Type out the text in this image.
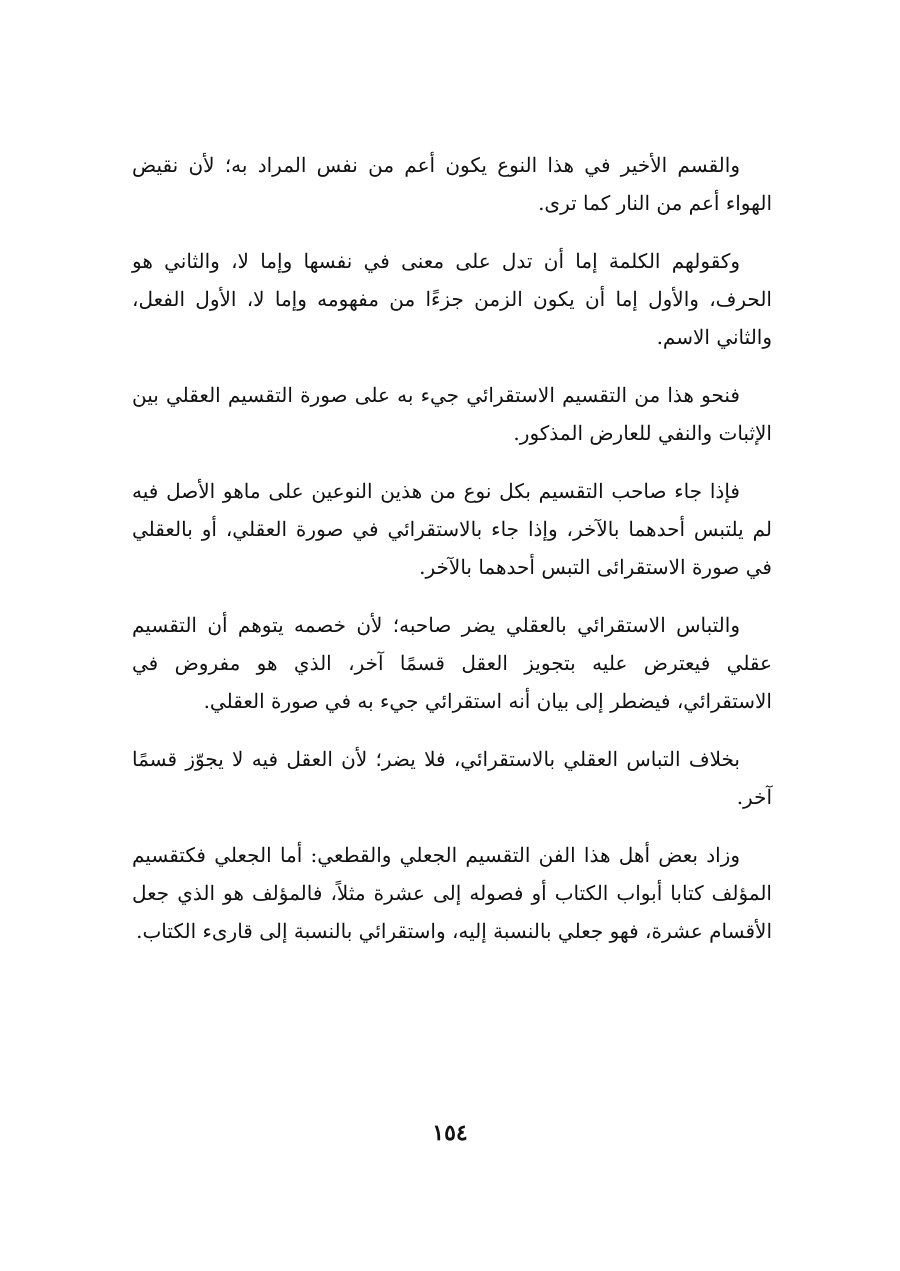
والقسم الأخير في هذا النوع يكون أعم من نفس المراد به؛ لأن نقيض الهواء أعم من النار كما ترى.

وكقولهم الكلمة إما أن تدل على معنى في نفسها وإما لا، والثاني هو الحرف، والأول إما أن يكون الزمن جزءًا من مفهومه وإما لا، الأول الفعل، والثاني الاسم.

فنحو هذا من التقسيم الاستقرائي جيء به على صورة التقسيم العقلي بين الإثبات والنفي للعارض المذكور.

فإذا جاء صاحب التقسيم بكل نوع من هذين النوعين على ماهو الأصل فيه لم يلتبس أحدهما بالآخر، وإذا جاء بالاستقرائي في صورة العقلي، أو بالعقلي في صورة الاستقرائى التبس أحدهما بالآخر.

والتباس الاستقرائي بالعقلي يضر صاحبه؛ لأن خصمه يتوهم أن التقسيم عقلي فيعترض عليه بتجويز العقل قسمًا آخر، الذي هو مفروض في الاستقرائي، فيضطر إلى بيان أنه استقرائي جيء به في صورة العقلي.

بخلاف التباس العقلي بالاستقرائي، فلا يضر؛ لأن العقل فيه لا يجوّز قسمًا آخر.

وزاد بعض أهل هذا الفن التقسيم الجعلي والقطعي: أما الجعلي فكتقسيم المؤلف كتابا أبواب الكتاب أو فصوله إلى عشرة مثلاً، فالمؤلف هو الذي جعل الأقسام عشرة، فهو جعلي بالنسبة إليه، واستقرائي بالنسبة إلى قارىء الكتاب.

١٥٤
